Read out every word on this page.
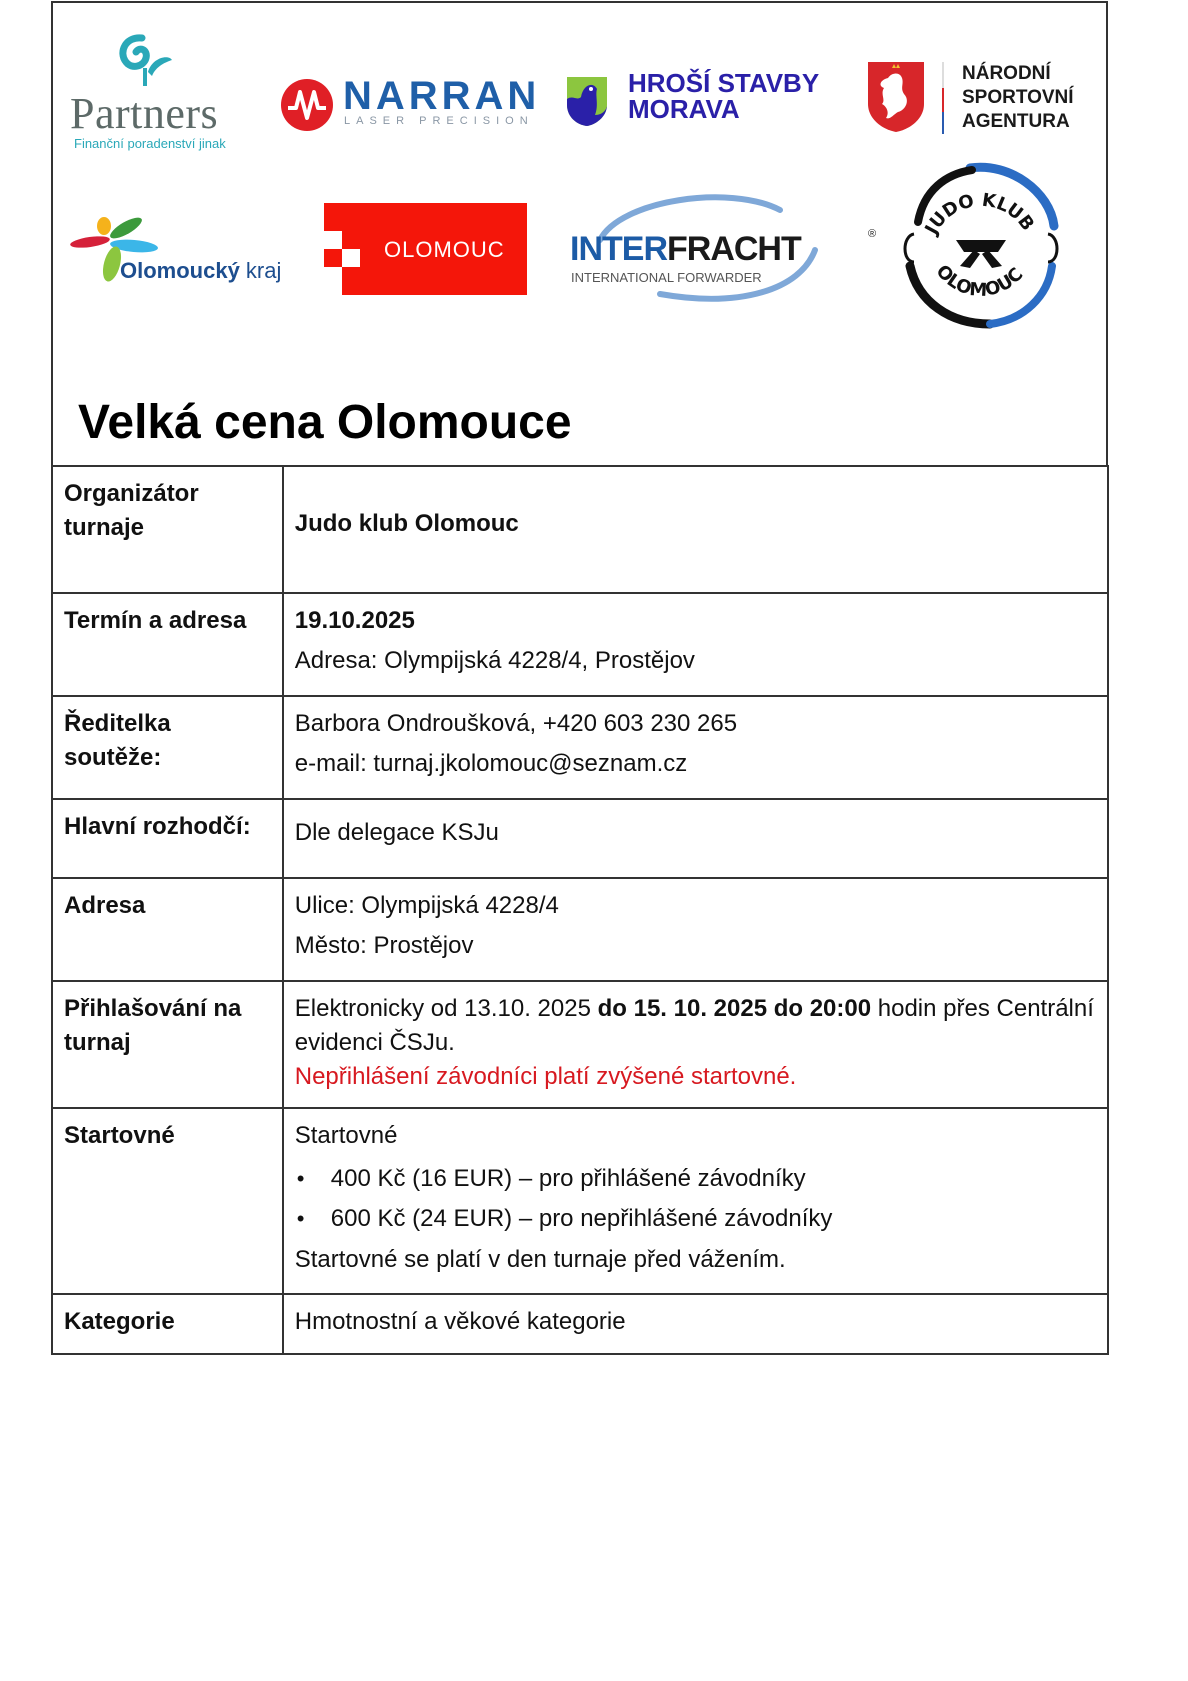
Partners
Finanční poradenství jinak
NARRAN
LASER PRECISION
HROŠÍ STAVBY
MORAVA
NÁRODNÍ
SPORTOVNÍ
AGENTURA
Olomoucký kraj
OLOMOUC INTERFRACHT	®
INTERNATIONAL FORWARDER
JUDO KLUB
OLOMOUC
Velká cena Olomouce
Organizátor turnaje	Judo klub Olomouc
Termín a adresa	19.10.2025
Adresa: Olympijská 4228/4, Prostějov

Ředitelka soutěže:	Barbora Ondroušková, +420 603 230 265
e-mail: turnaj.jkolomouc@seznam.cz

Hlavní rozhodčí:	Dle delegace KSJu
Adresa	Ulice: Olympijská 4228/4
Město: Prostějov

Přihlašování na turnaj	Elektronicky od 13.10. 2025 do 15. 10. 2025 do 20:00 hodin přes Centrální evidenci ČSJu.
Nepřihlášení závodníci platí zvýšené startovné.

Startovné	Startovné
• 400 Kč (16 EUR) – pro přihlášené závodníky
• 600 Kč (24 EUR) – pro nepřihlášené závodníky
Startovné se platí v den turnaje před vážením.

Kategorie	Hmotnostní a věkové kategorie
